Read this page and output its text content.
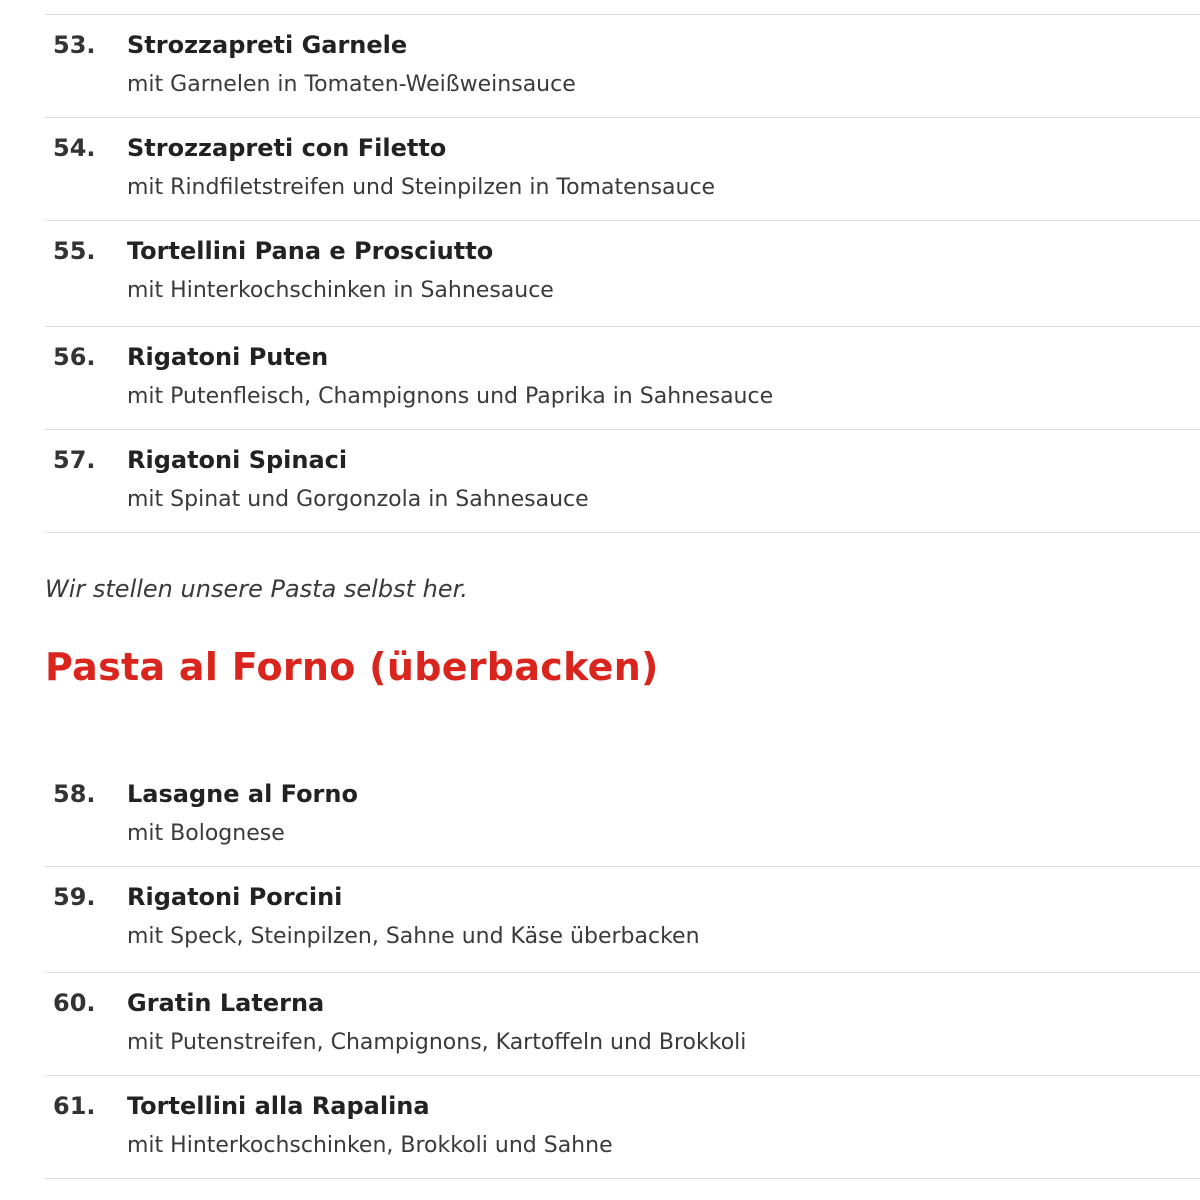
53. Strozzapreti Garnele
mit Garnelen in Tomaten-Weißweinsauce
54. Strozzapreti con Filetto
mit Rindfiletstreifen und Steinpilzen in Tomatensauce
55. Tortellini Pana e Prosciutto
mit Hinterkochschinken in Sahnesauce
56. Rigatoni Puten
mit Putenfleisch, Champignons und Paprika in Sahnesauce
57. Rigatoni Spinaci
mit Spinat und Gorgonzola in Sahnesauce
Wir stellen unsere Pasta selbst her.
Pasta al Forno (überbacken)
58. Lasagne al Forno
mit Bolognese
59. Rigatoni Porcini
mit Speck, Steinpilzen, Sahne und Käse überbacken
60. Gratin Laterna
mit Putenstreifen, Champignons, Kartoffeln und Brokkoli
61. Tortellini alla Rapalina
mit Hinterkochschinken, Brokkoli und Sahne
